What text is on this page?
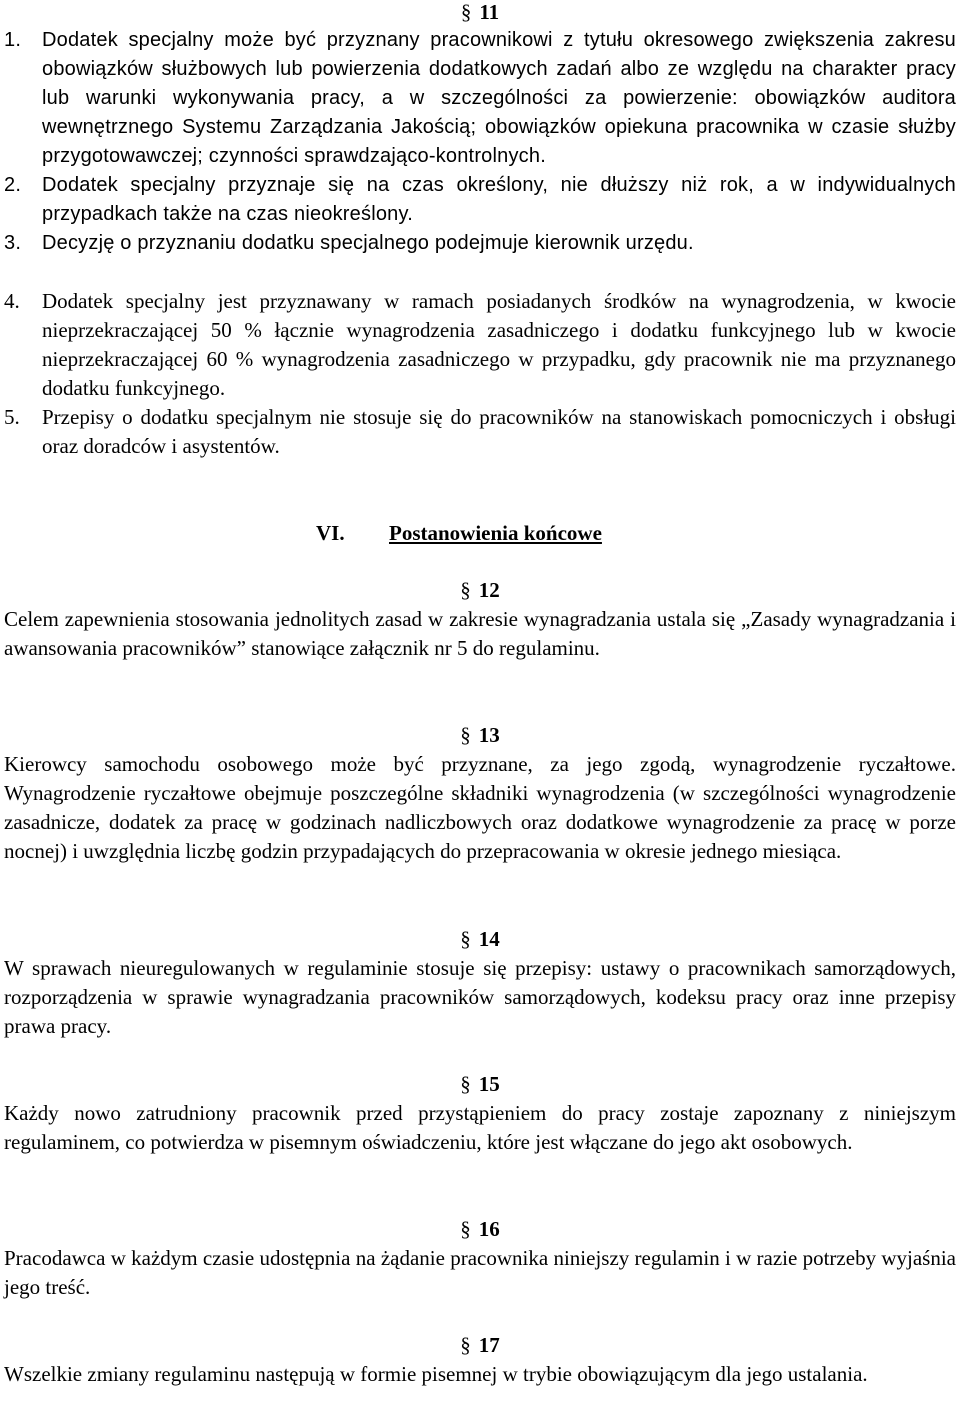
§ 11
1.	Dodatek specjalny może być przyznany pracownikowi z tytułu okresowego zwiększenia zakresu obowiązków służbowych lub powierzenia dodatkowych zadań albo ze względu na charakter pracy lub warunki wykonywania pracy, a w szczególności za powierzenie: obowiązków auditora wewnętrznego Systemu Zarządzania Jakością; obowiązków opiekuna pracownika w czasie służby przygotowawczej; czynności sprawdzająco-kontrolnych.
2.	Dodatek specjalny przyznaje się na czas określony, nie dłuższy niż rok, a w indywidualnych przypadkach także na czas nieokreślony.
3.	Decyzję o przyznaniu dodatku specjalnego podejmuje kierownik urzędu.
4.	Dodatek specjalny jest przyznawany w ramach posiadanych środków na wynagrodzenia, w kwocie nieprzekraczającej 50 % łącznie wynagrodzenia zasadniczego i dodatku funkcyjnego lub w kwocie nieprzekraczającej 60 % wynagrodzenia zasadniczego w przypadku, gdy pracownik nie ma przyznanego dodatku funkcyjnego.
5.	Przepisy o dodatku specjalnym nie stosuje się do pracowników na stanowiskach pomocniczych i obsługi oraz doradców i asystentów.
VI. Postanowienia końcowe
§ 12
Celem zapewnienia stosowania jednolitych zasad w zakresie wynagradzania ustala się „Zasady wynagradzania i awansowania pracowników” stanowiące załącznik nr 5 do regulaminu.
§ 13
Kierowcy samochodu osobowego może być przyznane, za jego zgodą, wynagrodzenie ryczałtowe. Wynagrodzenie ryczałtowe obejmuje poszczególne składniki wynagrodzenia (w szczególności wynagrodzenie zasadnicze, dodatek za pracę w godzinach nadliczbowych oraz dodatkowe wynagrodzenie za pracę w porze nocnej) i uwzględnia liczbę godzin przypadających do przepracowania w okresie jednego miesiąca.
§ 14
W sprawach nieuregulowanych w regulaminie stosuje się przepisy: ustawy o pracownikach samorządowych, rozporządzenia w sprawie wynagradzania pracowników samorządowych, kodeksu pracy oraz inne przepisy prawa pracy.
§ 15
Każdy nowo zatrudniony pracownik przed przystąpieniem do pracy zostaje zapoznany z niniejszym regulaminem, co potwierdza w pisemnym oświadczeniu, które jest włączane do jego akt osobowych.
§ 16
Pracodawca w każdym czasie udostępnia na żądanie pracownika niniejszy regulamin i w razie potrzeby wyjaśnia jego treść.
§ 17
Wszelkie zmiany regulaminu następują w formie pisemnej w trybie obowiązującym dla jego ustalania.
